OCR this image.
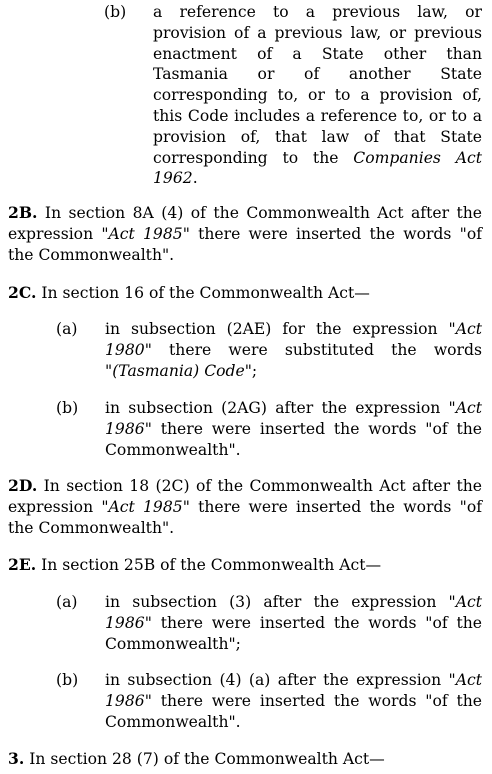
(b) a reference to a previous law, or
provision of a previous law, or previous
enactment of a State other than
Tasmania or of another State
corresponding to, or to a provision of,
this Code includes a reference to, or to a
provision of, that law of that State
corresponding to the Companies Act
1962.
2B. In section 8A (4) of the Commonwealth Act after the
expression "Act 1985" there were inserted the words "of
the Commonwealth".
2C. In section 16 of the Commonwealth Act—
(a) in subsection (2AE) for the expression "Act
1980" there were substituted the words
"(Tasmania) Code";
(b) in subsection (2AG) after the expression "Act
1986" there were inserted the words "of the
Commonwealth".
2D. In section 18 (2C) of the Commonwealth Act after the
expression "Act 1985" there were inserted the words "of
the Commonwealth".
2E. In section 25B of the Commonwealth Act—
(a) in subsection (3) after the expression "Act
1986" there were inserted the words "of the
Commonwealth";
(b) in subsection (4) (a) after the expression "Act
1986" there were inserted the words "of the
Commonwealth".
3. In section 28 (7) of the Commonwealth Act—
